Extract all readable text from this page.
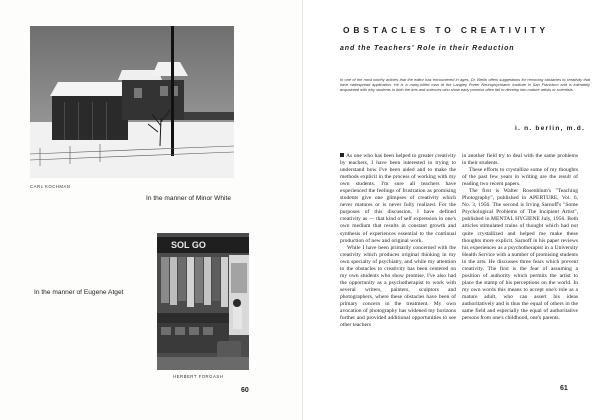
CARL KOCHMAN
In the manner of Minor White
SOL GO
In the manner of Eugene Atget
HERBERT FORGASH
60
OBSTACLES TO CREATIVITY
and the Teachers' Role in their Reduction
In one of the most worthy articles that the editor has encountered in ages, Dr. Berlin offers suggestions for removing obstacles to creativity that have widespread application. He is a many-hilled man at the Langley Porter Neuropsychiatric Institute in San Francisco and is intimately acquainted with why students in both the arts and sciences who show early promise often fail to develop into mature artists or scientists.
i. n. berlin, m.d.

As one who has been helped to greater creativity by teachers, I have been interested in trying to understand how I've been aided and to make the methods explicit in the process of working with my own students. I'm sure all teachers have experienced the feelings of frustration as promising students give one glimpses of creativity which never matures or is never fully realized. For the purposes of this discussion, I have defined creativity as — that kind of self expression in one's own medium that results in constant growth and synthesis of experiences essential to the continual production of new and original work.

While I have been primarily concerned with the creativity which produces original thinking in my own specialty of psychiatry, and while my attention to the obstacles to creativity has been centered on my own students who show promise, I've also had the opportunity as a psychotherapist to work with several writers, painters, sculptors and photographers, where these obstacles have been of primary concern in the treatment. My own avocation of photography has widened my horizons further and provided additional opportunities to see other teachers

in another field try to deal with the same problems in their students.

These efforts to crystallize some of my thoughts of the past few years in writing are the result of reading two recent papers.

The first is Walter Rosenblum's "Teaching Photography", published in APERTURE, Vol. 6, No. 3, 1956. The second is Irving Sarnoff's "Some Psychological Problems of The Incipient Artist", published in MENTAL HYGIENE July, 1956. Both articles stimulated trains of thought which had not quite crystallized and helped me make these thoughts more explicit. Sarnoff in his paper reviews his experiences as a psychotherapist in a University Health Service with a number of promising students in the arts. He discusses three fears which prevent creativity. The first is the fear of assuming a position of authority which permits the artist to place the stamp of his perceptions on the world. In my own words this means to accept one's role as a mature adult, who can assert his ideas authoritatively and is thus the equal of others in the same field and especially the equal of authoritative persons from one's childhood, one's parents.

61
